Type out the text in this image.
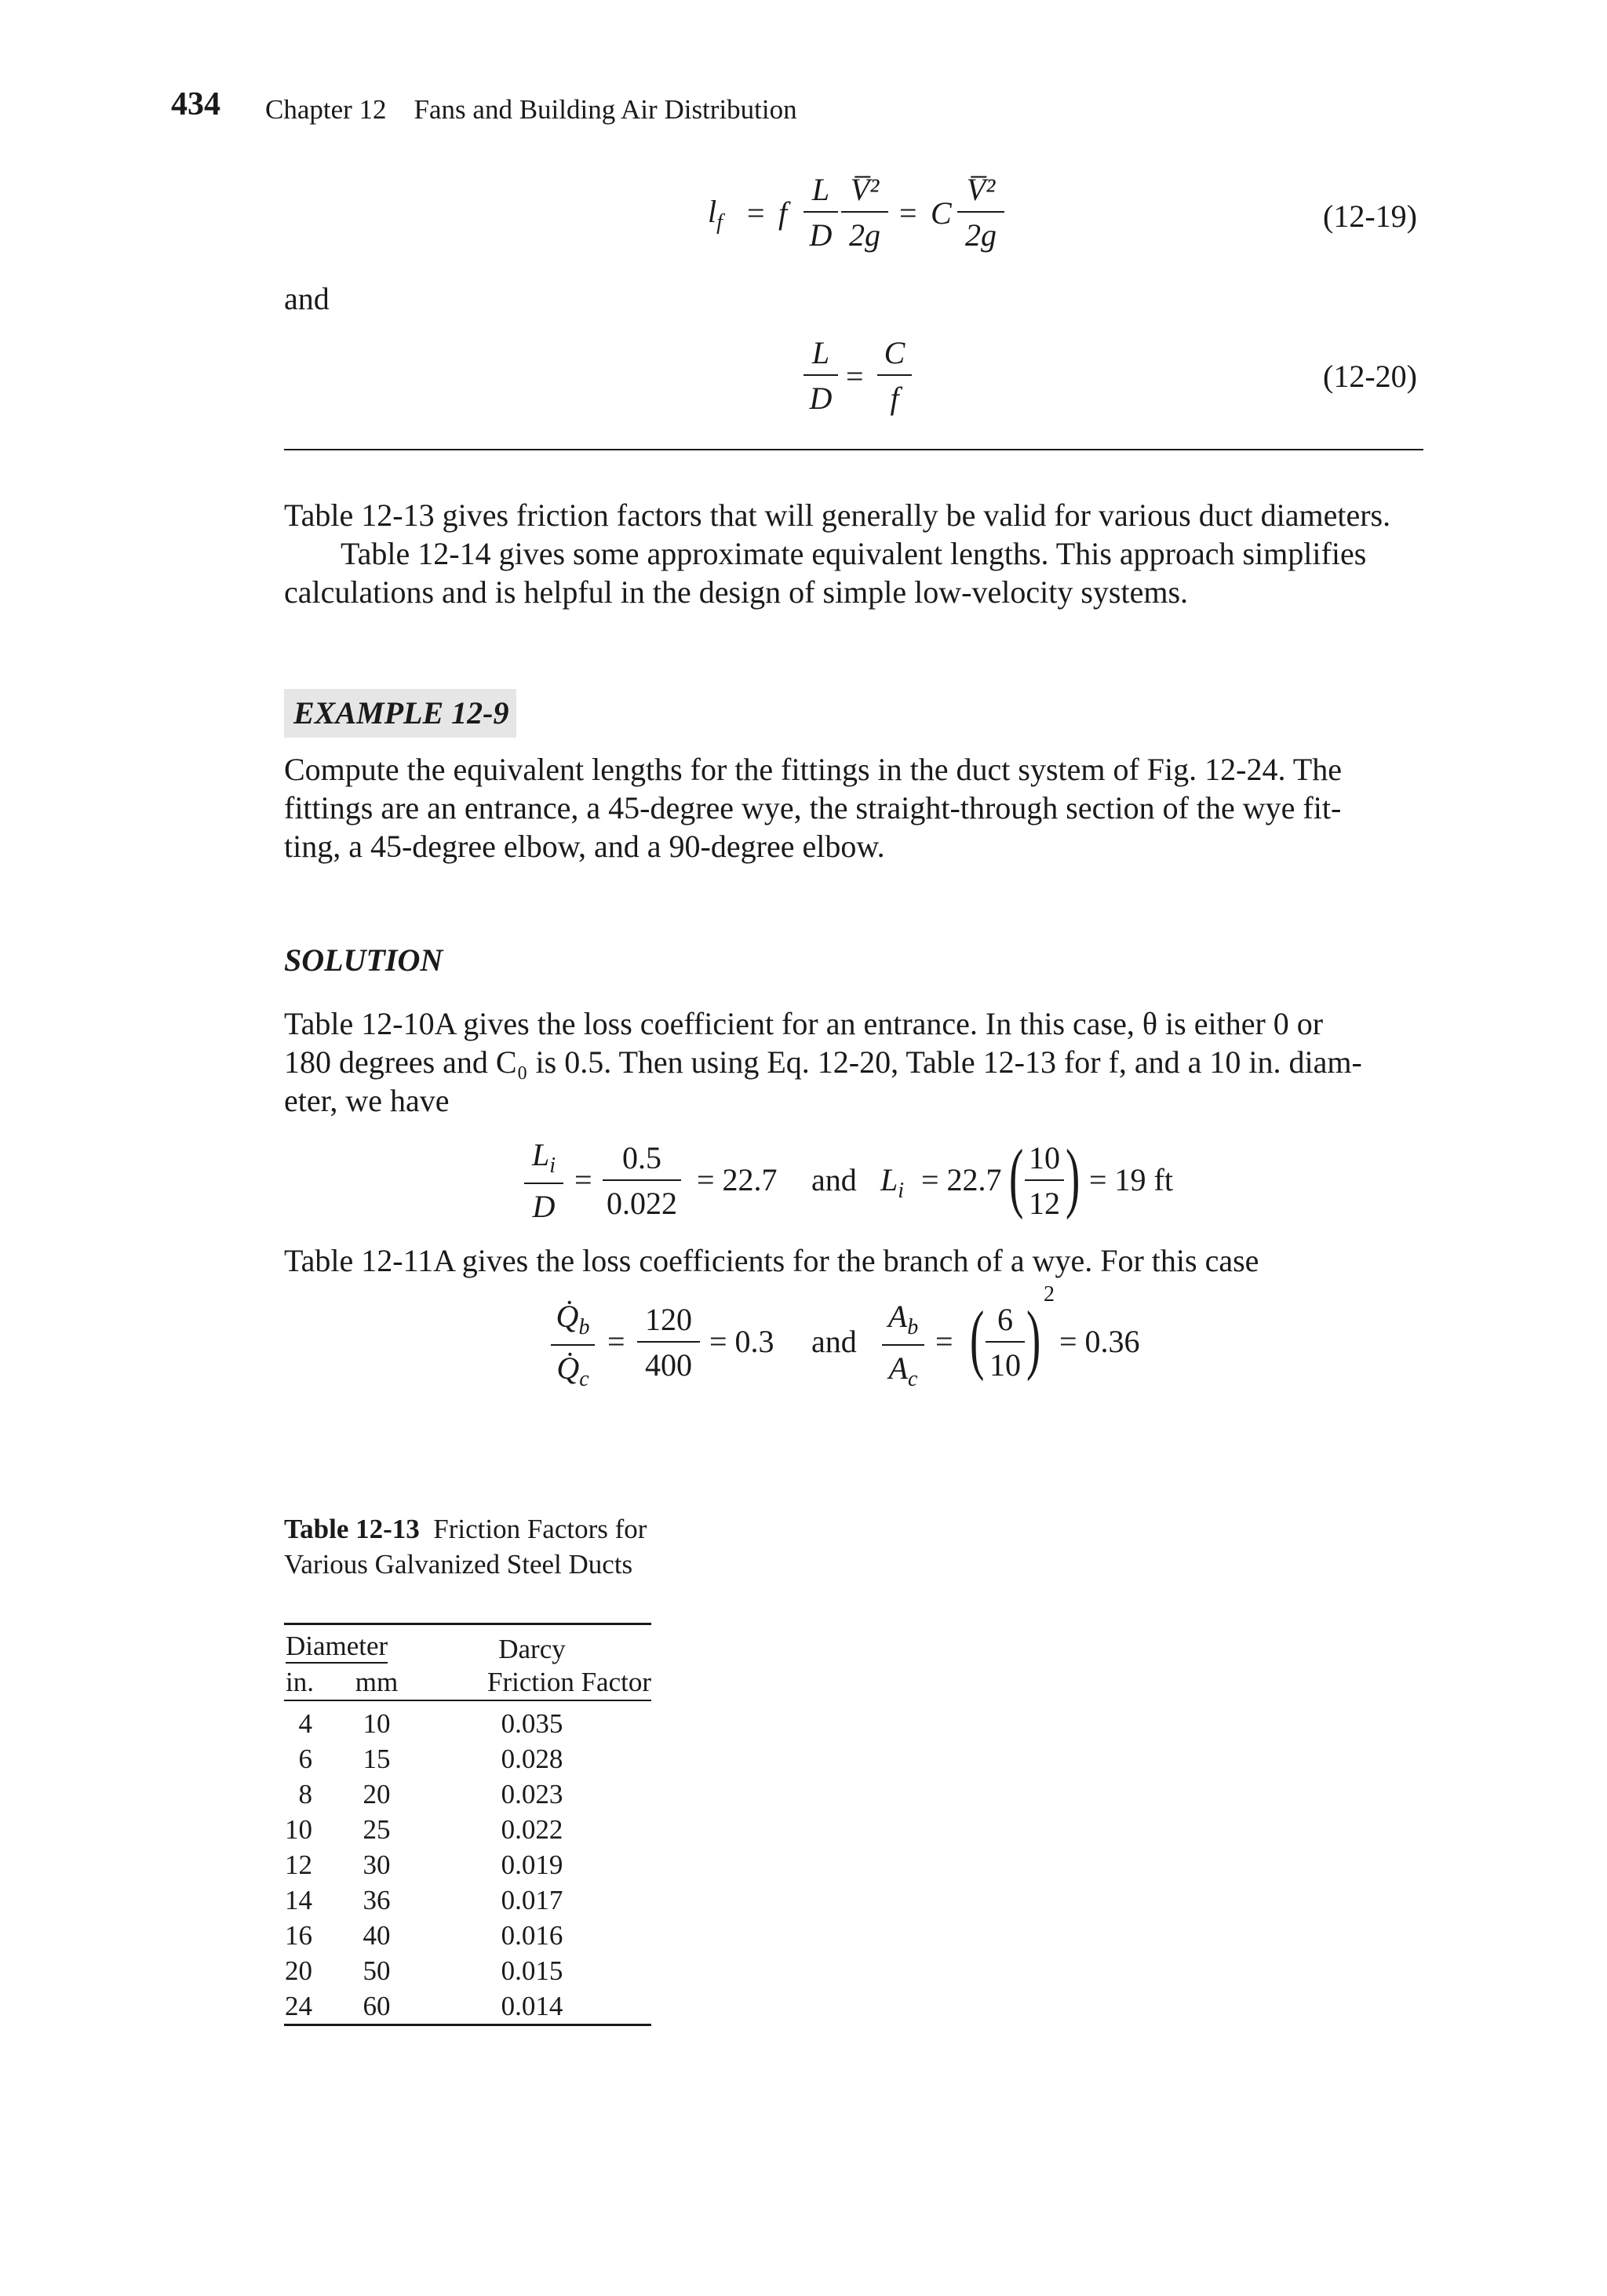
434 Chapter 12 Fans and Building Air Distribution
$l_f = f$
L
D
V̅²
2g
= C
V̅²
2g
(12-19)
and
L
D
=
C
f
(12-20)
Table 12-13 gives friction factors that will generally be valid for various duct diameters.
Table 12-14 gives some approximate equivalent lengths. This approach simplifies
calculations and is helpful in the design of simple low-velocity systems.
EXAMPLE 12-9
Compute the equivalent lengths for the fittings in the duct system of Fig. 12-24. The
fittings are an entrance, a 45-degree wye, the straight-through section of the wye fit-
ting, a 45-degree elbow, and a 90-degree elbow.
SOLUTION
Table 12-10A gives the loss coefficient for an entrance. In this case, θ is either 0 or
180 degrees and C₀ is 0.5. Then using Eq. 12-20, Table 12-13 for f, and a 10 in. diam-
eter, we have
$L_i$
D
=
0.5
0.022
= 22.7 and $L_i = 22.7$ ( 10
12 ) = 19 ft
Table 12-11A gives the loss coefficients for the branch of a wye. For this case
$Q̇_b$
$Q̇_c$
=
120
400
= 0.3 and
$A_b$
$A_c$
= ( 6
10 )
2
= 0.36
Table 12-13 Friction Factors for Various Galvanized Steel Ducts

Diameter		Darcy
in.	mm	Friction Factor

4	10	0.035
6	15	0.028
8	20	0.023
10	25	0.022
12	30	0.019
14	36	0.017
16	40	0.016
20	50	0.015
24	60	0.014
